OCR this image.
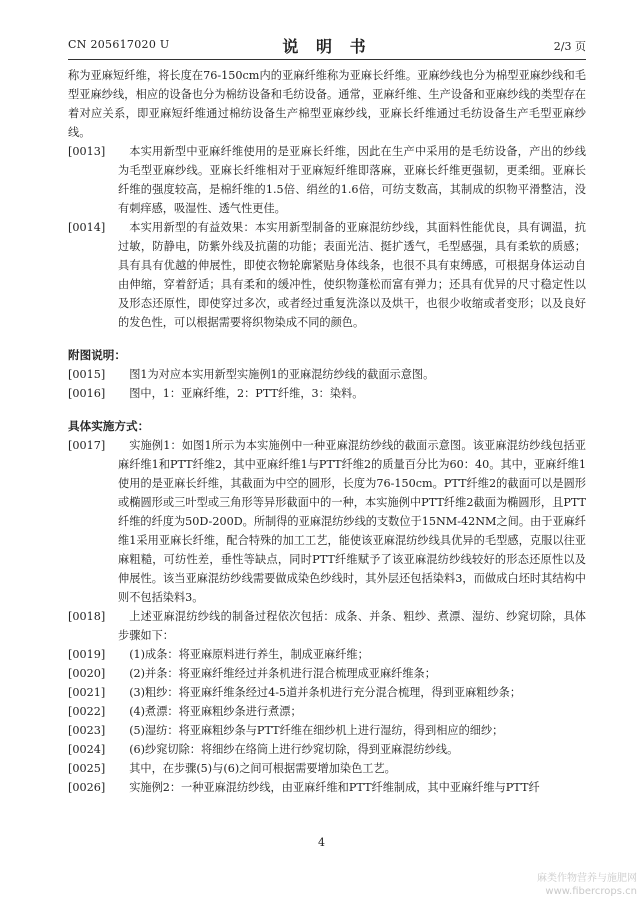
CN 205617020 U	说 明 书	2/3 页
称为亚麻短纤维，将长度在76-150cm内的亚麻纤维称为亚麻长纤维。亚麻纱线也分为棉型亚麻纱线和毛型亚麻纱线，相应的设备也分为棉纺设备和毛纺设备。通常，亚麻纤维、生产设备和亚麻纱线的类型存在着对应关系，即亚麻短纤维通过棉纺设备生产棉型亚麻纱线，亚麻长纤维通过毛纺设备生产毛型亚麻纱线。
[0013]	本实用新型中亚麻纤维使用的是亚麻长纤维，因此在生产中采用的是毛纺设备，产出的纱线为毛型亚麻纱线。亚麻长纤维相对于亚麻短纤维即落麻，亚麻长纤维更强韧，更柔细。亚麻长纤维的强度较高，是棉纤维的1.5倍、绢丝的1.6倍，可纺支数高，其制成的织物平滑整洁，没有刺痒感，吸湿性、透气性更佳。
[0014]	本实用新型的有益效果：本实用新型制备的亚麻混纺纱线，其面料性能优良，具有调温，抗过敏，防静电，防紫外线及抗菌的功能；表面光洁、挺扩透气，毛型感强，具有柔软的质感；具有具有优越的伸展性，即使衣物轮廓紧贴身体线条，也很不具有束缚感，可根据身体运动自由伸缩，穿着舒适；具有柔和的缓冲性，使织物蓬松而富有弹力；还具有优异的尺寸稳定性以及形态还原性，即使穿过多次，或者经过重复洗涤以及烘干，也很少收缩或者变形；以及良好的发色性，可以根据需要将织物染成不同的颜色。
附图说明：
[0015]	图1为对应本实用新型实施例1的亚麻混纺纱线的截面示意图。
[0016]	图中，1：亚麻纤维，2：PTT纤维，3：染料。
具体实施方式：
[0017]	实施例1：如图1所示为本实施例中一种亚麻混纺纱线的截面示意图。该亚麻混纺纱线包括亚麻纤维1和PTT纤维2，其中亚麻纤维1与PTT纤维2的质量百分比为60：40。其中，亚麻纤维1使用的是亚麻长纤维，其截面为中空的圆形，长度为76-150cm。PTT纤维2的截面可以是圆形或椭圆形或三叶型或三角形等异形截面中的一种，本实施例中PTT纤维2截面为椭圆形，且PTT纤维的纤度为50D-200D。所制得的亚麻混纺纱线的支数位于15NM-42NM之间。由于亚麻纤维1采用亚麻长纤维，配合特殊的加工工艺，能使该亚麻混纺纱线具优异的毛型感，克服以往亚麻粗糙，可纺性差，垂性等缺点，同时PTT纤维赋予了该亚麻混纺纱线较好的形态还原性以及伸展性。该当亚麻混纺纱线需要做成染色纱线时，其外层还包括染料3，而做成白坯时其结构中则不包括染料3。
[0018]	上述亚麻混纺纱线的制备过程依次包括：成条、并条、粗纱、煮漂、湿纺、纱窕切除，具体步骤如下：
[0019]	(1)成条：将亚麻原料进行养生，制成亚麻纤维；
[0020]	(2)并条：将亚麻纤维经过并条机进行混合梳理成亚麻纤维条；
[0021]	(3)粗纱：将亚麻纤维条经过4-5道并条机进行充分混合梳理，得到亚麻粗纱条；
[0022]	(4)煮漂：将亚麻粗纱条进行煮漂；
[0023]	(5)湿纺：将亚麻粗纱条与PTT纤维在细纱机上进行湿纺，得到相应的细纱；
[0024]	(6)纱窕切除：将细纱在络筒上进行纱窕切除，得到亚麻混纺纱线。
[0025]	其中，在步骤(5)与(6)之间可根据需要增加染色工艺。
[0026]	实施例2：一种亚麻混纺纱线，由亚麻纤维和PTT纤维制成，其中亚麻纤维与PTT纤
4
麻类作物营养与施肥网
www.fibercrops.cn
